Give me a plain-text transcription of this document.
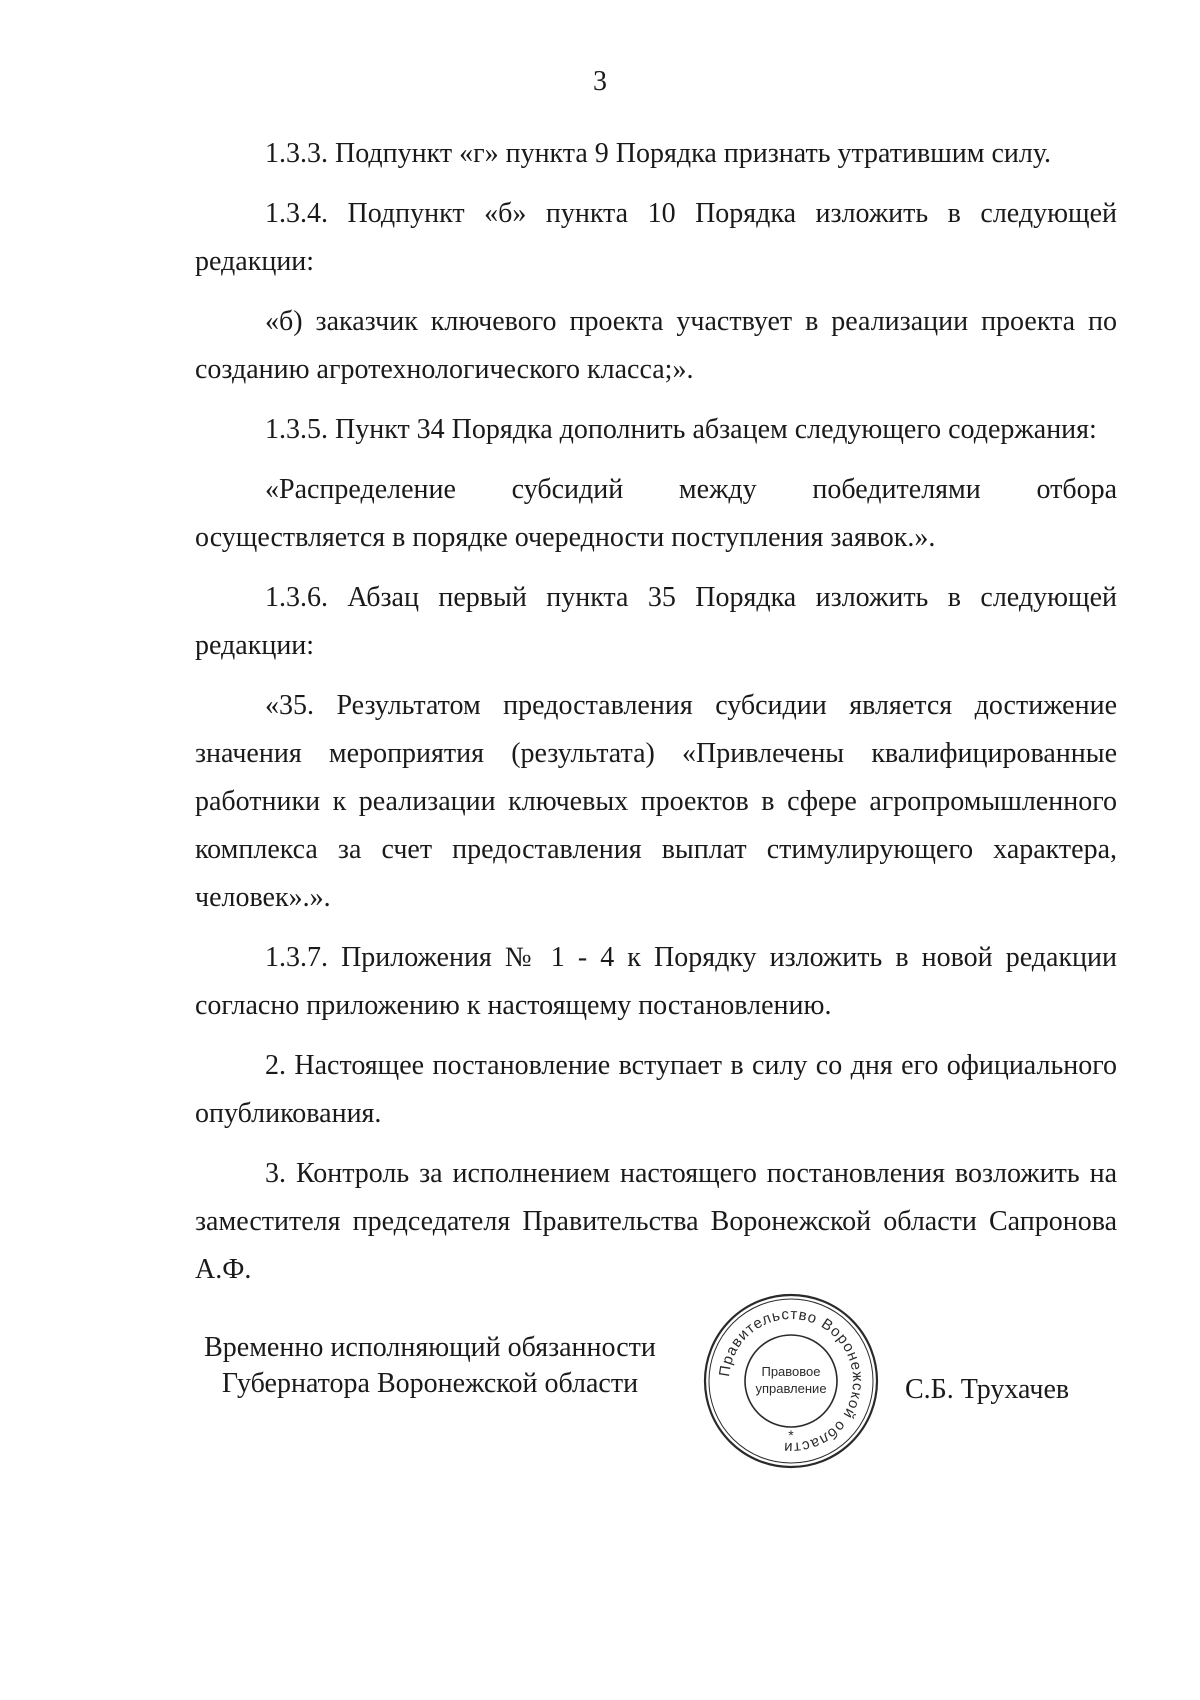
3

1.3.3. Подпункт «г» пункта 9 Порядка признать утратившим силу.

1.3.4. Подпункт «б» пункта 10 Порядка изложить в следующей редакции:

«б) заказчик ключевого проекта участвует в реализации проекта по созданию агротехнологического класса;».

1.3.5. Пункт 34 Порядка дополнить абзацем следующего содержания:

«Распределение субсидий между победителями отбора осуществляется в порядке очередности поступления заявок.».

1.3.6. Абзац первый пункта 35 Порядка изложить в следующей редакции:

«35. Результатом предоставления субсидии является достижение значения мероприятия (результата) «Привлечены квалифицированные работники к реализации ключевых проектов в сфере агропромышленного комплекса за счет предоставления выплат стимулирующего характера, человек».».

1.3.7. Приложения № 1 - 4 к Порядку изложить в новой редакции согласно приложению к настоящему постановлению.

2. Настоящее постановление вступает в силу со дня его официального опубликования.

3. Контроль за исполнением настоящего постановления возложить на заместителя председателя Правительства Воронежской области Сапронова А.Ф.

Временно исполняющий обязанности
Губернатора Воронежской области	Правительство Воронежской области
Правовое
управление
*
С.Б. Трухачев
